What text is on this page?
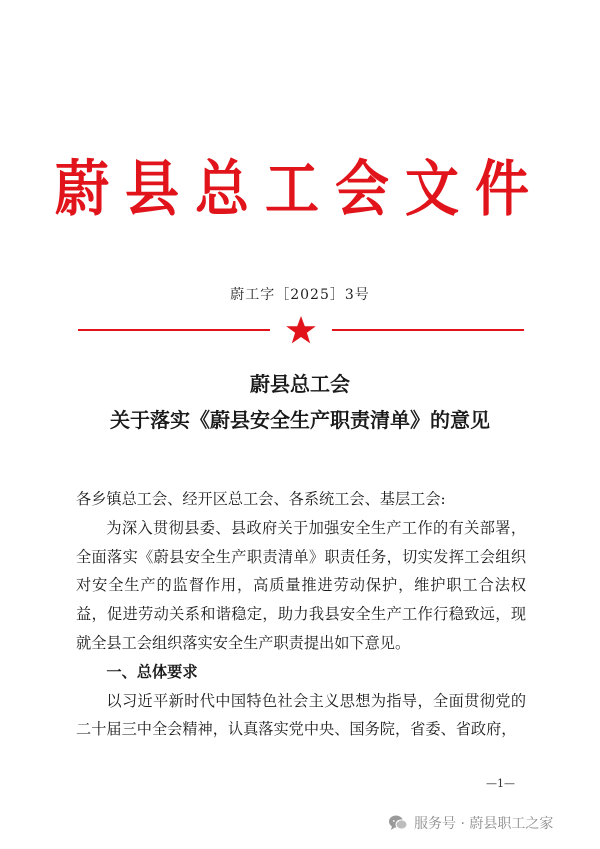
蔚县总工会文件
蔚工字［2025］3号
蔚县总工会
关于落实《蔚县安全生产职责清单》的意见

各乡镇总工会、经开区总工会、各系统工会、基层工会:

为深入贯彻县委、县政府关于加强安全生产工作的有关部署，全面落实《蔚县安全生产职责清单》职责任务，切实发挥工会组织对安全生产的监督作用，高质量推进劳动保护，维护职工合法权益，促进劳动关系和谐稳定，助力我县安全生产工作行稳致远，现就全县工会组织落实安全生产职责提出如下意见。

一、总体要求

以习近平新时代中国特色社会主义思想为指导，全面贯彻党的二十届三中全会精神，认真落实党中央、国务院，省委、省政府，

—1—
服务号 · 蔚县职工之家
